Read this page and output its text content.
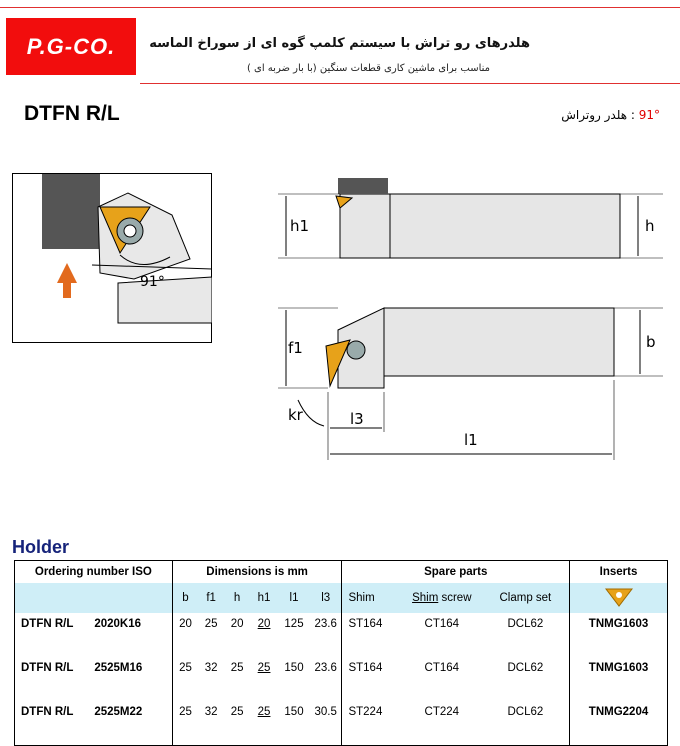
P.G-CO.	هلدرهای رو تراش با سیستم کلمپ گوه ای از سوراخ الماسه
مناسب برای ماشین کاری قطعات سنگین (با بار ضربه ای )
DTFN R/L	91° : هلدر روتراش
91°
h1	h
f1	b
kr	l3
l1
Holder
Ordering number ISO		Dimensions is mm						Spare parts			Inserts
		b	f1	h	h1	l1	l3	Shim	Shim screw	Clamp set	
DTFN R/L	2020K16	20	25	20	20	125	23.6	ST164	CT164	DCL62	TNMG1603

DTFN R/L	2525M16	25	32	25	25	150	23.6	ST164	CT164	DCL62	TNMG1603

DTFN R/L	2525M22	25	32	25	25	150	30.5	ST224	CT224	DCL62	TNMG2204
